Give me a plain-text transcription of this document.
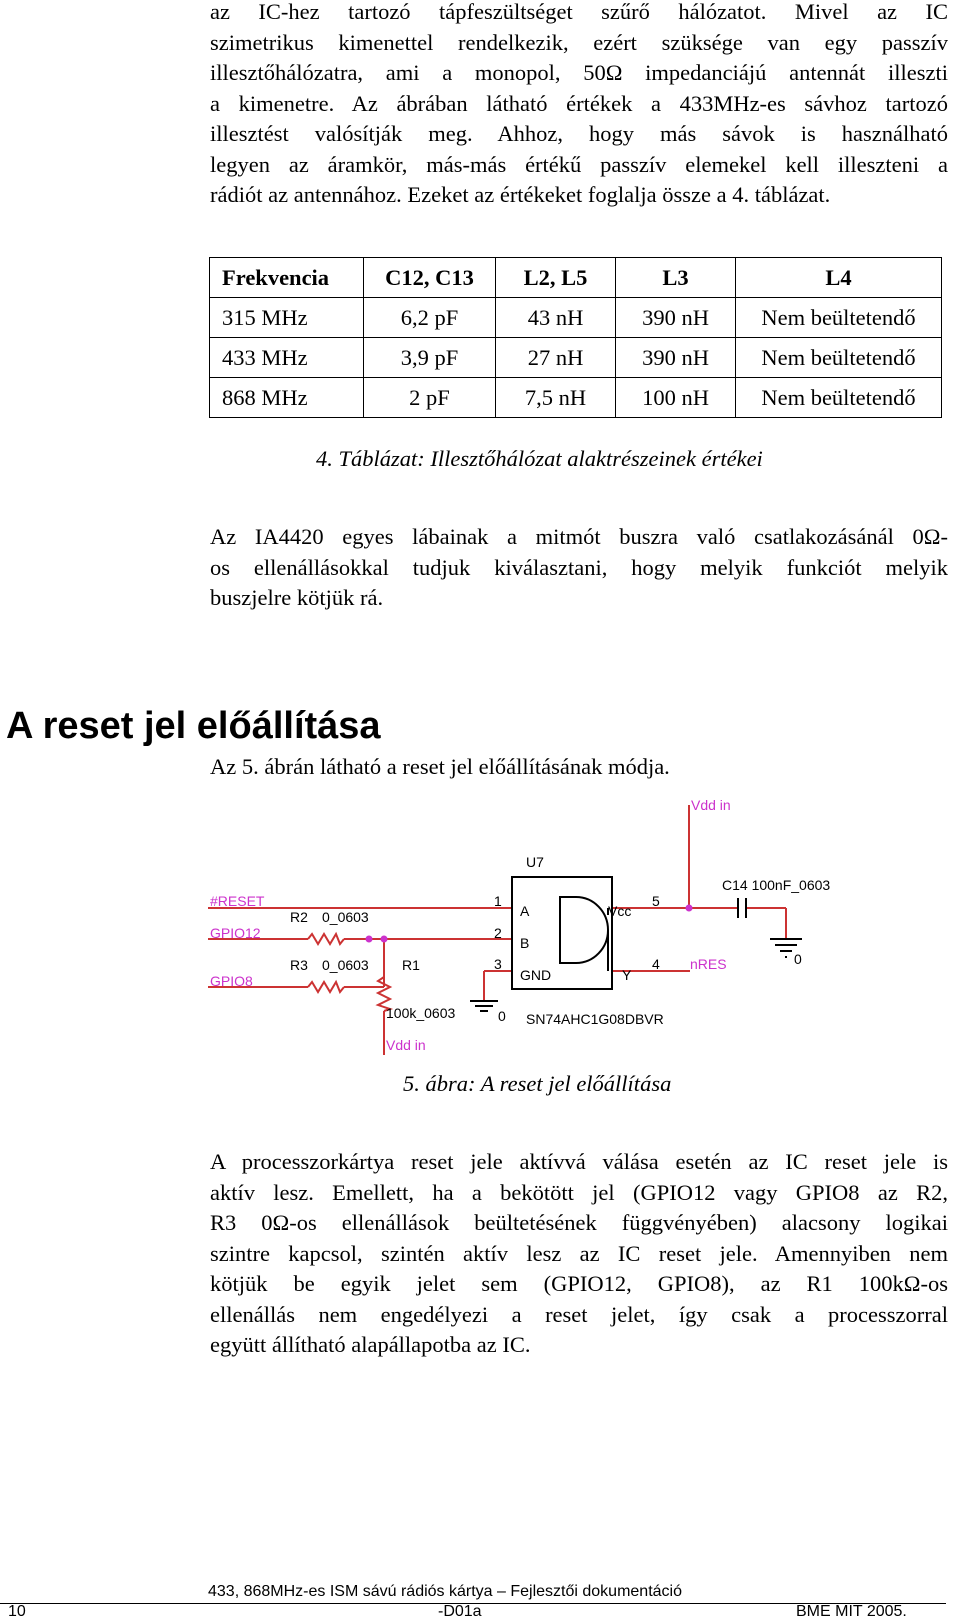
az IC-hez tartozó tápfeszültséget szűrő hálózatot. Mivel az IC
szimetrikus kimenettel rendelkezik, ezért szüksége van egy passzív
illesztőhálózatra, ami a monopol, 50Ω impedanciájú antennát illeszti
a kimenetre. Az ábrában látható értékek a 433MHz-es sávhoz tartozó
illesztést valósítják meg. Ahhoz, hogy más sávok is használható
legyen az áramkör, más-más értékű passzív elemekel kell illeszteni a
rádiót az antennához. Ezeket az értékeket foglalja össze a 4. táblázat.
Frekvencia	C12, C13	L2, L5	L3	L4
315 MHz	6,2 pF	43 nH	390 nH	Nem beültetendő
433 MHz	3,9 pF	27 nH	390 nH	Nem beültetendő
868 MHz	2 pF	7,5 nH	100 nH	Nem beültetendő
4. Táblázat: Illesztőhálózat alaktrészeinek értékei
Az IA4420 egyes lábainak a mitmót buszra való csatlakozásánál 0Ω-
os ellenállásokkal tudjuk kiválasztani, hogy melyik funkciót melyik
buszjelre kötjük rá.
A reset jel előállítása
Az 5. ábrán látható a reset jel előállításának módja.
Vdd in
U7
#RESET
GPIO12
GPIO8
R2 0_0603
R3 0_0603 R1
100k_0603
Vdd in
0
1
2
3	4
5
A
B
GND
Vcc
Y
SN74AHC1G08DBVR
C14 100nF_0603
nRES	0
5. ábra: A reset jel előállítása
A processzorkártya reset jele aktívvá válása esetén az IC reset jele is
aktív lesz. Emellett, ha a bekötött jel (GPIO12 vagy GPIO8 az R2,
R3 0Ω-os ellenállások beültetésének függvényében) alacsony logikai
szintre kapcsol, szintén aktív lesz az IC reset jele. Amennyiben nem
kötjük be egyik jelet sem (GPIO12, GPIO8), az R1 100kΩ-os
ellenállás nem engedélyezi a reset jelet, így csak a processzorral
együtt állítható alapállapotba az IC.
433, 868MHz-es ISM sávú rádiós kártya – Fejlesztői dokumentáció
10	-D01a	BME MIT 2005.
